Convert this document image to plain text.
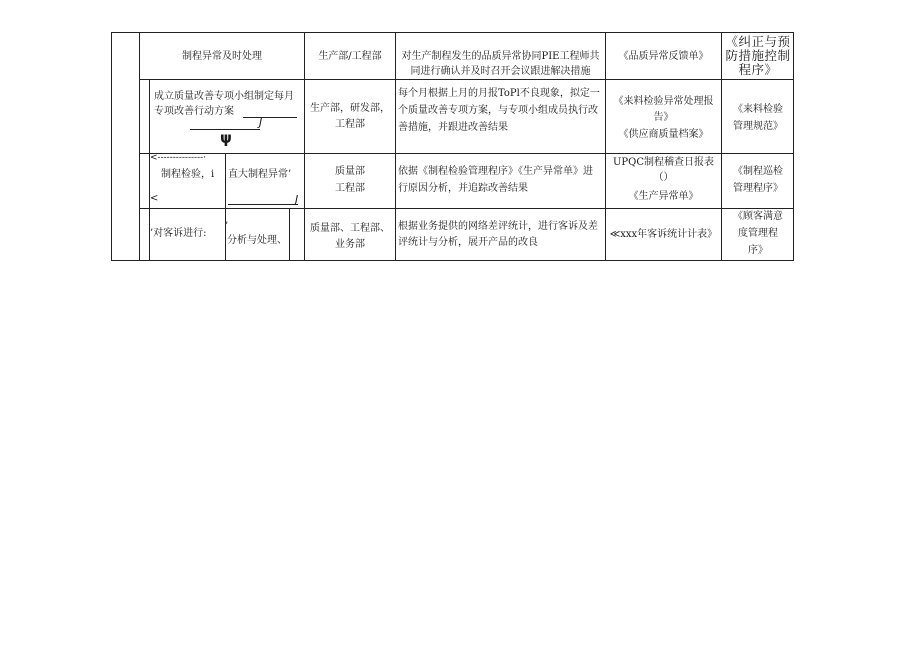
制程异常及时处理	生产部/工程部	对生产制程发生的品质异常协同PIE工程师共
同进行确认并及时召开会议跟进解决措施
《品质异常反馈单》
《纠正与预
防措施控制
程序》
成立质量改善专项小组制定每月
专项改善行动方案
J
ψ
生产部，研发部，
工程部
每个月根据上月的月报ToPl不良现象，拟定一
个质量改善专项方案，与专项小组成员执行改
善措施，并跟进改善结果
《来料检验异常处理报
告》
《供应商质量档案》
《来料检验
管理规范》
<---------------·
制程检验，i
<
直大制程异常’
J
质量部
工程部
依据《制程检验管理程序》《生产异常单》进
行原因分析，并追踪改善结果
UPQC制程稽查日报表
（）
《生产异常单》
《制程巡检
管理程序》
’对客诉进行:
’
分析与处理、
质量部、工程部、
业务部
根据业务提供的网络差评统计，进行客诉及差
评统计与分析，展开产品的改良
≪xxx年客诉统计计表》
《顾客满意
度管理程
序》
